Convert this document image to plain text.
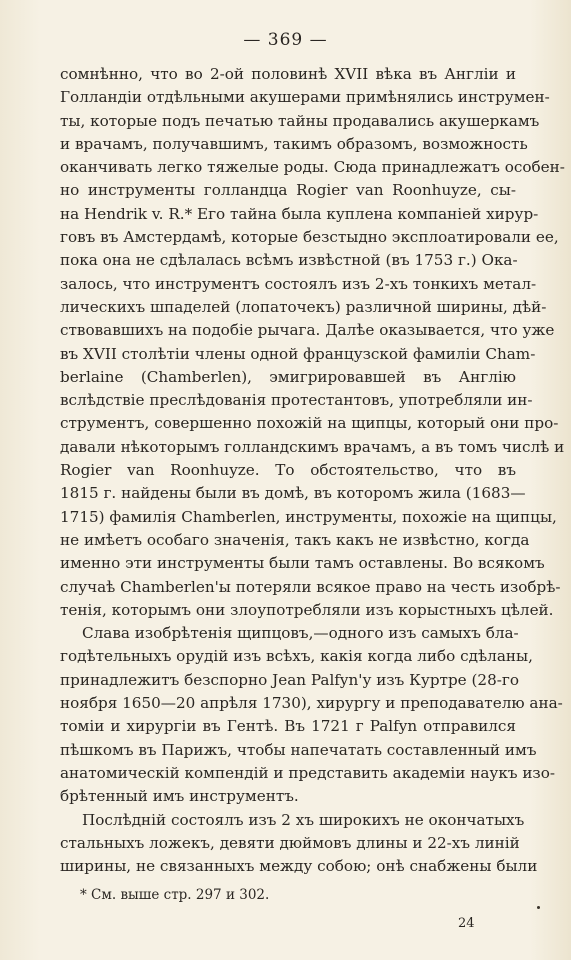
— 369 —
сомнѣнно, что во 2-ой половинѣ XVII вѣка въ Англіи и
Голландіи отдѣльными акушерами примѣнялись инструмен-
ты, которые подъ печатью тайны продавались акушеркамъ
и врачамъ, получавшимъ, такимъ образомъ, возможность
оканчивать легко тяжелые роды. Сюда принадлежатъ особен-
но инструменты голландца Rogier van Roonhuyze, сы-
на Hendrik v. R.* Его тайна была куплена компаніей хирур-
говъ въ Амстердамѣ, которые безстыдно эксплоатировали ее,
пока она не сдѣлалась всѣмъ извѣстной (въ 1753 г.) Ока-
залось, что инструментъ состоялъ изъ 2-хъ тонкихъ метал-
лическихъ шпаделей (лопаточекъ) различной ширины, дѣй-
ствовавшихъ на подобіе рычага. Далѣе оказывается, что уже
въ XVII столѣтіи члены одной французской фамиліи Cham-
berlaine (Chamberlen), эмигрировавшей въ Англію
вслѣдствіе преслѣдованія протестантовъ, употребляли ин-
струментъ, совершенно похожій на щипцы, который они про-
давали нѣкоторымъ голландскимъ врачамъ, а въ томъ числѣ и
Rogier van Roonhuyze. То обстоятельство, что въ
1815 г. найдены были въ домѣ, въ которомъ жила (1683—
1715) фамилія Chamberlen, инструменты, похожіе на щипцы,
не имѣетъ особаго значенія, такъ какъ не извѣстно, когда
именно эти инструменты были тамъ оставлены. Во всякомъ
случаѣ Chamberlen'ы потеряли всякое право на честь изобрѣ-
тенія, которымъ они злоупотребляли изъ корыстныхъ цѣлей.
Слава изобрѣтенія щипцовъ,—одного изъ самыхъ бла-
годѣтельныхъ орудій изъ всѣхъ, какія когда либо сдѣланы,
принадлежитъ безспорно Jean Palfyn'у изъ Куртре (28-го
ноября 1650—20 апрѣля 1730), хирургу и преподавателю ана-
томіи и хирургіи въ Гентѣ. Въ 1721 г Palfyn отправился
пѣшкомъ въ Парижъ, чтобы напечатать составленный имъ
анатомическій компендій и представить академіи наукъ изо-
брѣтенный имъ инструментъ.
Послѣдній состоялъ изъ 2 хъ широкихъ не окончатыхъ
стальныхъ ложекъ, девяти дюймовъ длины и 22-хъ линій
ширины, не связанныхъ между собою; онѣ снабжены были
* См. выше стр. 297 и 302.
24
